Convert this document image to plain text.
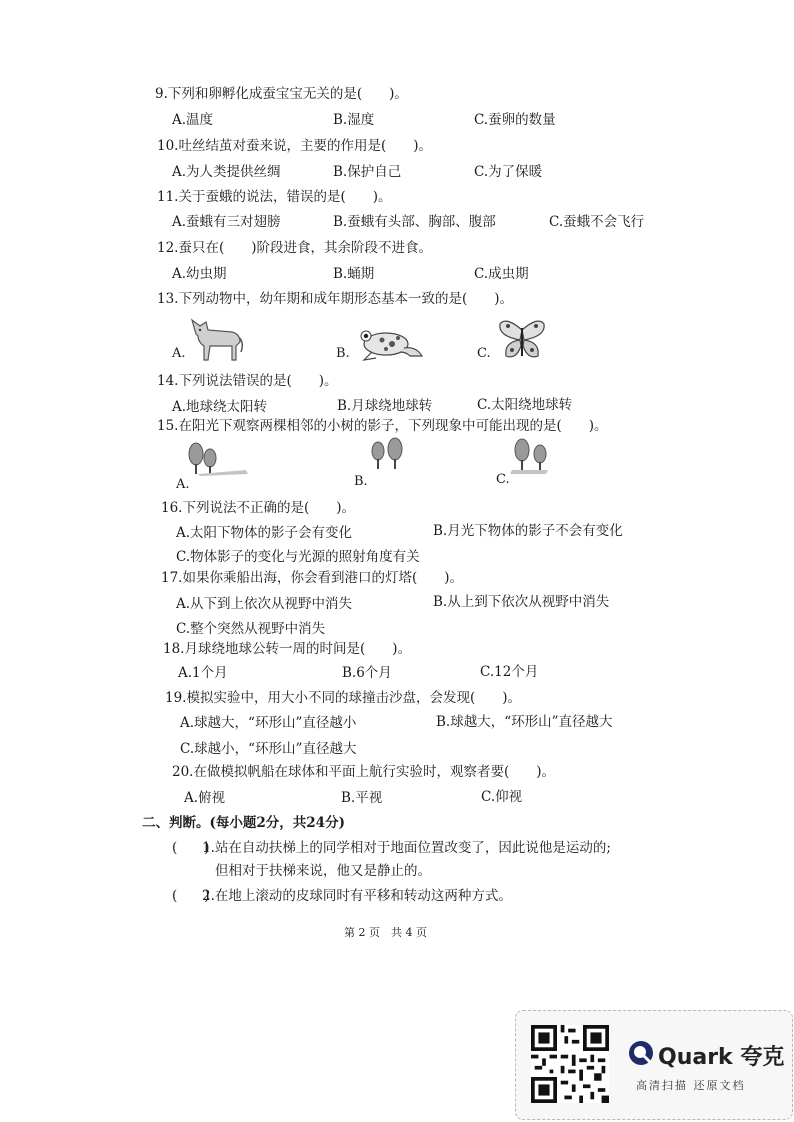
9.下列和卵孵化成蚕宝宝无关的是(　　)。
A.温度	B.湿度	C.蚕卵的数量
10.吐丝结茧对蚕来说，主要的作用是(　　)。
A.为人类提供丝绸	B.保护自己	C.为了保暖
11.关于蚕蛾的说法，错误的是(　　)。
A.蚕蛾有三对翅膀	B.蚕蛾有头部、胸部、腹部	C.蚕蛾不会飞行
12.蚕只在(　　)阶段进食，其余阶段不进食。
A.幼虫期	B.蛹期	C.成虫期
13.下列动物中，幼年期和成年期形态基本一致的是(　　)。
A.	B.	C.
14.下列说法错误的是(　　)。
A.地球绕太阳转	B.月球绕地球转	C.太阳绕地球转
15.在阳光下观察两棵相邻的小树的影子，下列现象中可能出现的是(　　)。
A.	B.	C.
16.下列说法不正确的是(　　)。
A.太阳下物体的影子会有变化	B.月光下物体的影子不会有变化
C.物体影子的变化与光源的照射角度有关
17.如果你乘船出海，你会看到港口的灯塔(　　)。
A.从下到上依次从视野中消失	B.从上到下依次从视野中消失
C.整个突然从视野中消失
18.月球绕地球公转一周的时间是(　　)。
A.1个月	B.6个月	C.12个月
19.模拟实验中，用大小不同的球撞击沙盘，会发现(　　)。
A.球越大，“环形山”直径越小	B.球越大，“环形山”直径越大
C.球越小，“环形山”直径越大
20.在做模拟帆船在球体和平面上航行实验时，观察者要(　　)。
A.俯视	B.平视	C.仰视
二、判断。(每小题2分，共24分)
(　　)
1.站在自动扶梯上的同学相对于地面位置改变了，因此说他是运动的;
但相对于扶梯来说，他又是静止的。
(　　)
2.在地上滚动的皮球同时有平移和转动这两种方式。
第 2 页　共 4 页
Quark 夸克
高清扫描 还原文档
